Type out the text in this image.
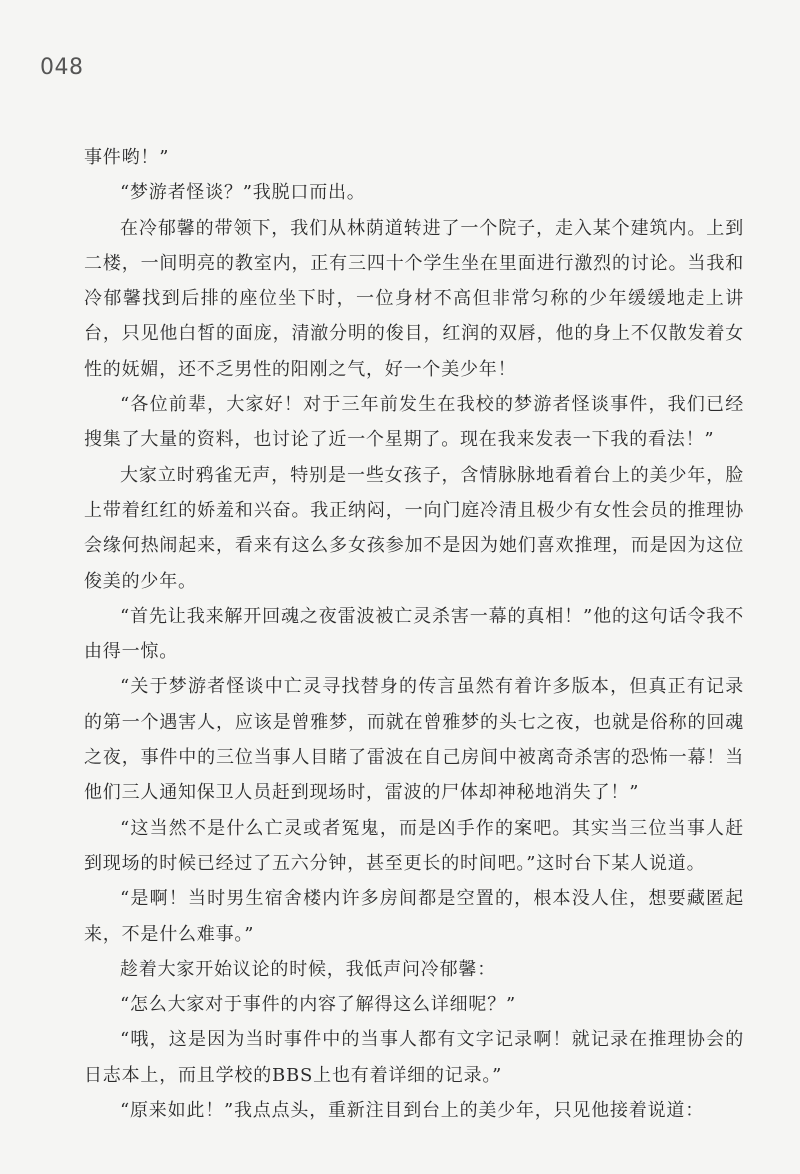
048

事件哟！”

“梦游者怪谈？”我脱口而出。

在冷郁馨的带领下，我们从林荫道转进了一个院子，走入某个建筑内。上到二楼，一间明亮的教室内，正有三四十个学生坐在里面进行激烈的讨论。当我和冷郁馨找到后排的座位坐下时，一位身材不高但非常匀称的少年缓缓地走上讲台，只见他白皙的面庞，清澈分明的俊目，红润的双唇，他的身上不仅散发着女性的妩媚，还不乏男性的阳刚之气，好一个美少年！

“各位前辈，大家好！对于三年前发生在我校的梦游者怪谈事件，我们已经搜集了大量的资料，也讨论了近一个星期了。现在我来发表一下我的看法！”

大家立时鸦雀无声，特别是一些女孩子，含情脉脉地看着台上的美少年，脸上带着红红的娇羞和兴奋。我正纳闷，一向门庭冷清且极少有女性会员的推理协会缘何热闹起来，看来有这么多女孩参加不是因为她们喜欢推理，而是因为这位俊美的少年。

“首先让我来解开回魂之夜雷波被亡灵杀害一幕的真相！”他的这句话令我不由得一惊。

“关于梦游者怪谈中亡灵寻找替身的传言虽然有着许多版本，但真正有记录的第一个遇害人，应该是曾雅梦，而就在曾雅梦的头七之夜，也就是俗称的回魂之夜，事件中的三位当事人目睹了雷波在自己房间中被离奇杀害的恐怖一幕！当他们三人通知保卫人员赶到现场时，雷波的尸体却神秘地消失了！”

“这当然不是什么亡灵或者冤鬼，而是凶手作的案吧。其实当三位当事人赶到现场的时候已经过了五六分钟，甚至更长的时间吧。”这时台下某人说道。

“是啊！当时男生宿舍楼内许多房间都是空置的，根本没人住，想要藏匿起来，不是什么难事。”

趁着大家开始议论的时候，我低声问冷郁馨：

“怎么大家对于事件的内容了解得这么详细呢？”

“哦，这是因为当时事件中的当事人都有文字记录啊！就记录在推理协会的日志本上，而且学校的BBS上也有着详细的记录。”

“原来如此！”我点点头，重新注目到台上的美少年，只见他接着说道：
